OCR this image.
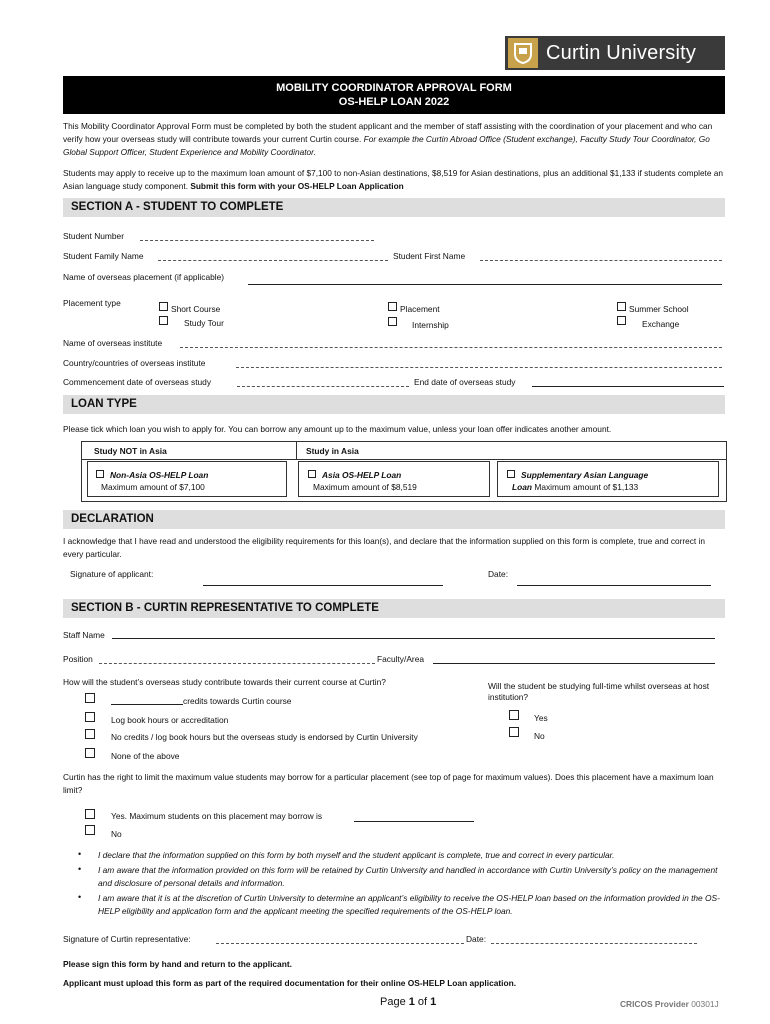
Curtin University
MOBILITY COORDINATOR APPROVAL FORM
OS-HELP LOAN 2022
This Mobility Coordinator Approval Form must be completed by both the student applicant and the member of staff assisting with the coordination of your placement and who can verify how your overseas study will contribute towards your current Curtin course. For example the Curtin Abroad Office (Student exchange), Faculty Study Tour Coordinator, Go Global Support Officer, Student Experience and Mobility Coordinator.
Students may apply to receive up to the maximum loan amount of $7,100 to non-Asian destinations, $8,519 for Asian destinations, plus an additional $1,133 if students complete an Asian language study component. Submit this form with your OS-HELP Loan Application
SECTION A - STUDENT TO COMPLETE
Student Number
Student Family Name	Student First Name
Name of overseas placement (if applicable)
Placement type
Short Course
Study Tour
Placement
Internship
Summer School
Exchange
Name of overseas institute
Country/countries of overseas institute
Commencement date of overseas study	End date of overseas study
LOAN TYPE
Please tick which loan you wish to apply for. You can borrow any amount up to the maximum value, unless your loan offer indicates another amount.
Study NOT in Asia	Study in Asia
Non-Asia OS-HELP Loan
Maximum amount of $7,100
Asia OS-HELP Loan
Maximum amount of $8,519
Supplementary Asian Language
Loan Maximum amount of $1,133
DECLARATION
I acknowledge that I have read and understood the eligibility requirements for this loan(s), and declare that the information supplied on this form is complete, true and correct in every particular.
Signature of applicant:	Date:
SECTION B - CURTIN REPRESENTATIVE TO COMPLETE
Staff Name
Position	Faculty/Area
How will the student’s overseas study contribute towards their current course at Curtin?
credits towards Curtin course
Log book hours or accreditation
No credits / log book hours but the overseas study is endorsed by Curtin University
None of the above
Will the student be studying full-time whilst overseas at host institution?
Yes
No
Curtin has the right to limit the maximum value students may borrow for a particular placement (see top of page for maximum values). Does this placement have a maximum loan limit?
Yes. Maximum students on this placement may borrow is
No
• I declare that the information supplied on this form by both myself and the student applicant is complete, true and correct in every particular.
• I am aware that the information provided on this form will be retained by Curtin University and handled in accordance with Curtin University’s policy on the management and disclosure of personal details and information.
• I am aware that it is at the discretion of Curtin University to determine an applicant’s eligibility to receive the OS-HELP loan based on the information provided in the OS-HELP eligibility and application form and the applicant meeting the specified requirements of the OS-HELP loan.
Signature of Curtin representative:	Date:
Please sign this form by hand and return to the applicant.
Applicant must upload this form as part of the required documentation for their online OS-HELP Loan application.
Page 1 of 1	CRICOS Provider 00301J
